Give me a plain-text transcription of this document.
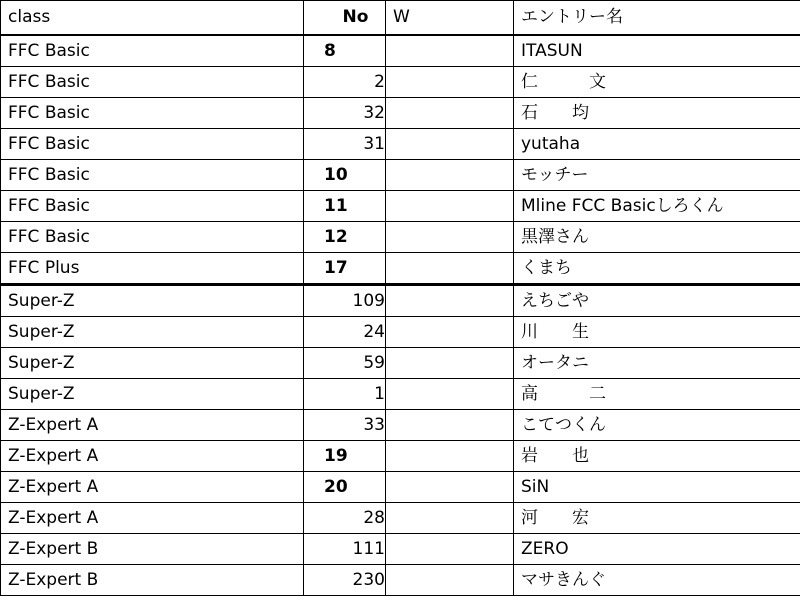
class	No	W	エントリー名
FFC Basic	8		ITASUN
FFC Basic	2		仁　　　文
FFC Basic	32		石　　均
FFC Basic	31		yutaha
FFC Basic	10		モッチー
FFC Basic	11		Mline FCC Basicしろくん
FFC Basic	12		黒澤さん
FFC Plus	17		くまち
Super-Z	109		えちごや
Super-Z	24		川　　生
Super-Z	59		オータニ
Super-Z	1		高　　　二
Z-Expert A	33		こてつくん
Z-Expert A	19		岩　　也
Z-Expert A	20		SiN
Z-Expert A	28		河　　宏
Z-Expert B	111		ZERO
Z-Expert B	230		マサきんぐ
